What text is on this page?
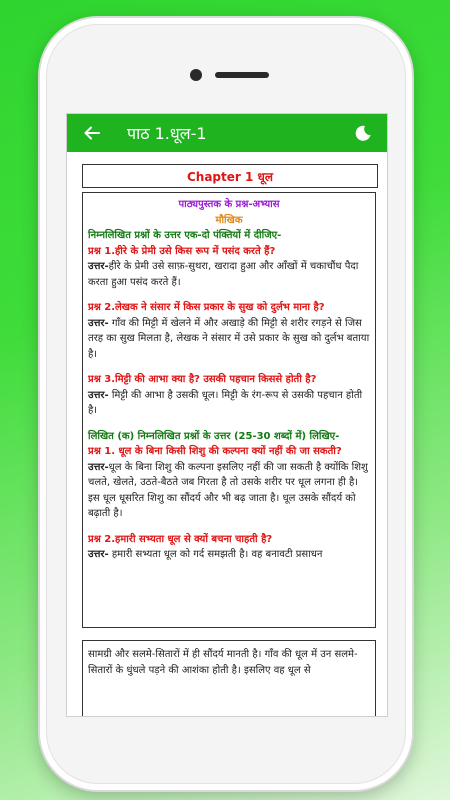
पाठ 1.धूल-1
Chapter 1 धूल
पाठ्यपुस्तक के प्रश्न-अभ्यास
मौखिक
निम्नलिखित प्रश्नों के उत्तर एक-दो पंक्तियों में दीजिए-
प्रश्न 1.हीरे के प्रेमी उसे किस रूप में पसंद करते हैं?
उत्तर-हीरे के प्रेमी उसे साफ़-सुथरा, खरादा हुआ और आँखों में चकाचौंध पैदा करता हुआ पसंद करते हैं।
प्रश्न 2.लेखक ने संसार में किस प्रकार के सुख को दुर्लभ माना है?
उत्तर- गाँव की मिट्टी में खेलने में और अखाड़े की मिट्टी से शरीर रगड़ने से जिस तरह का सुख मिलता है, लेखक ने संसार में उसे प्रकार के सुख को दुर्लभ बताया है।
प्रश्न 3.मिट्टी की आभा क्या है? उसकी पहचान किससे होती है?
उत्तर- मिट्टी की आभा है उसकी धूल। मिट्टी के रंग-रूप से उसकी पहचान होती है।
लिखित (क) निम्नलिखित प्रश्नों के उत्तर (25-30 शब्दों में) लिखिए-
प्रश्न 1. धूल के बिना किसी शिशु की कल्पना क्यों नहीं की जा सकती?
उत्तर-धूल के बिना शिशु की कल्पना इसलिए नहीं की जा सकती है क्योंकि शिशु चलते, खेलते, उठते-बैठते जब गिरता है तो उसके शरीर पर धूल लगना ही है। इस धूल धूसरित शिशु का सौंदर्य और भी बढ़ जाता है। धूल उसके सौंदर्य को बढ़ाती है।
प्रश्न 2.हमारी सभ्यता धूल से क्यों बचना चाहती है?
उत्तर- हमारी सभ्यता धूल को गर्द समझती है। वह बनावटी प्रसाधन
सामग्री और सलमे-सितारों में ही सौंदर्य मानती है। गाँव की धूल में उन सलमे-सितारों के धुंधले पड़ने की आशंका होती है। इसलिए वह धूल से
